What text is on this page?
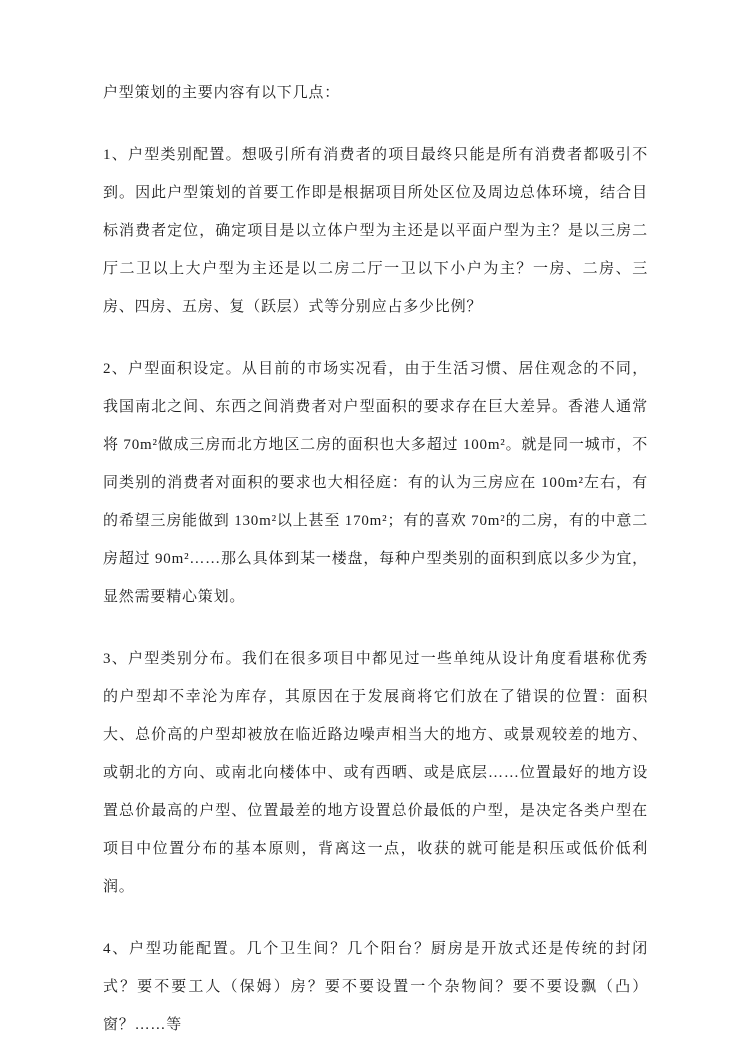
户型策划的主要内容有以下几点：

1、户型类别配置。想吸引所有消费者的项目最终只能是所有消费者都吸引不到。因此户型策划的首要工作即是根据项目所处区位及周边总体环境，结合目标消费者定位，确定项目是以立体户型为主还是以平面户型为主？是以三房二厅二卫以上大户型为主还是以二房二厅一卫以下小户为主？一房、二房、三房、四房、五房、复（跃层）式等分别应占多少比例？

2、户型面积设定。从目前的市场实况看，由于生活习惯、居住观念的不同，我国南北之间、东西之间消费者对户型面积的要求存在巨大差异。香港人通常将 70m²做成三房而北方地区二房的面积也大多超过 100m²。就是同一城市，不同类别的消费者对面积的要求也大相径庭：有的认为三房应在 100m²左右，有的希望三房能做到 130m²以上甚至 170m²；有的喜欢 70m²的二房，有的中意二房超过 90m²……那么具体到某一楼盘，每种户型类别的面积到底以多少为宜，显然需要精心策划。

3、户型类别分布。我们在很多项目中都见过一些单纯从设计角度看堪称优秀的户型却不幸沦为库存，其原因在于发展商将它们放在了错误的位置：面积大、总价高的户型却被放在临近路边噪声相当大的地方、或景观较差的地方、或朝北的方向、或南北向楼体中、或有西晒、或是底层……位置最好的地方设置总价最高的户型、位置最差的地方设置总价最低的户型，是决定各类户型在项目中位置分布的基本原则，背离这一点，收获的就可能是积压或低价低利润。

4、户型功能配置。几个卫生间？几个阳台？厨房是开放式还是传统的封闭式？要不要工人（保姆）房？要不要设置一个杂物间？要不要设飘（凸）窗？……等
